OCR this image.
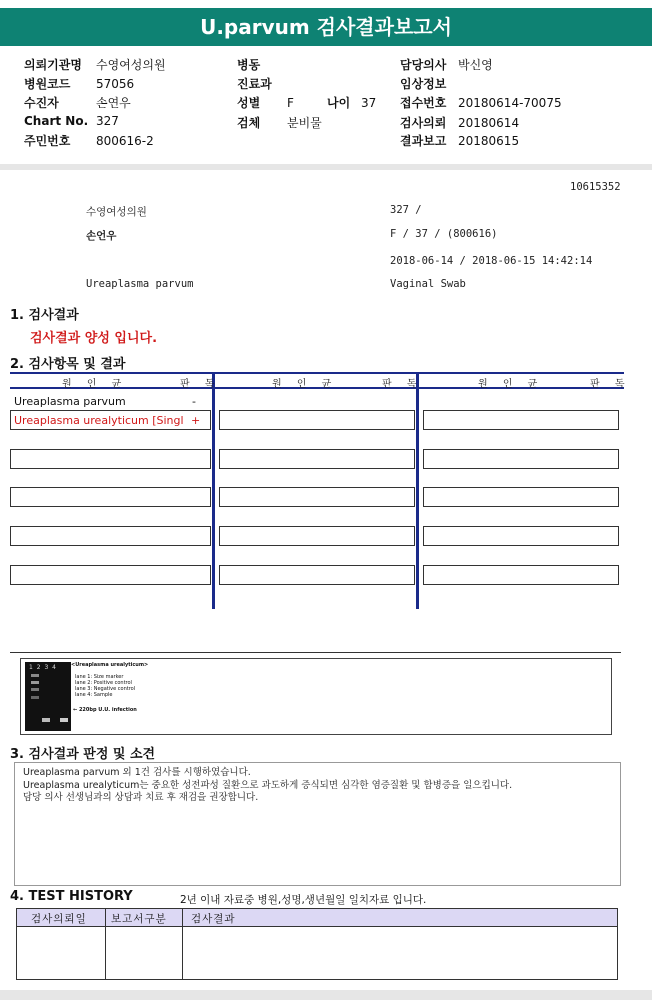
U.parvum 검사결과보고서
의뢰기관명 수영여성의원
병원코드 57056
수진자	손연우
Chart No. 327
주민번호 800616-2
병동
진료과
성별 F	나이 37
검체 분비물
담당의사 박신영
임상정보
접수번호 20180614-70075
검사의뢰 20180614
결과보고 20180615
10615352
수영여성의원	327 /
손언우	F / 37 / (800616)
2018-06-14 / 2018-06-15 14:42:14
Ureaplasma parvum	Vaginal Swab
1. 검사결과
검사결과 양성 입니다.
2. 검사항목 및 결과
원 인 균	판 독	원 인 균	판 독	원 인 균	판 독
Ureaplasma parvum	-
Ureaplasma urealyticum [Singl +
1 2 3 4	<Ureaplasma urealyticum>
lane 1: Size marker
lane 2: Positive control
lane 3: Negative control
lane 4: Sample
← 220bp U.U. infection
3. 검사결과 판정 및 소견
Ureaplasma parvum 외 1건 검사를 시행하였습니다.
Ureaplasma urealyticum는 중요한 성전파성 질환으로 과도하게 증식되면 심각한 염증질환 및 합병증을 일으킵니다.
담당 의사 선생님과의 상담과 치료 후 재검을 권장합니다.
4. TEST HISTORY	2년 이내 자료중 병원,성명,생년월일 일치자료 입니다.
검사의뢰일 보고서구분 검사결과
